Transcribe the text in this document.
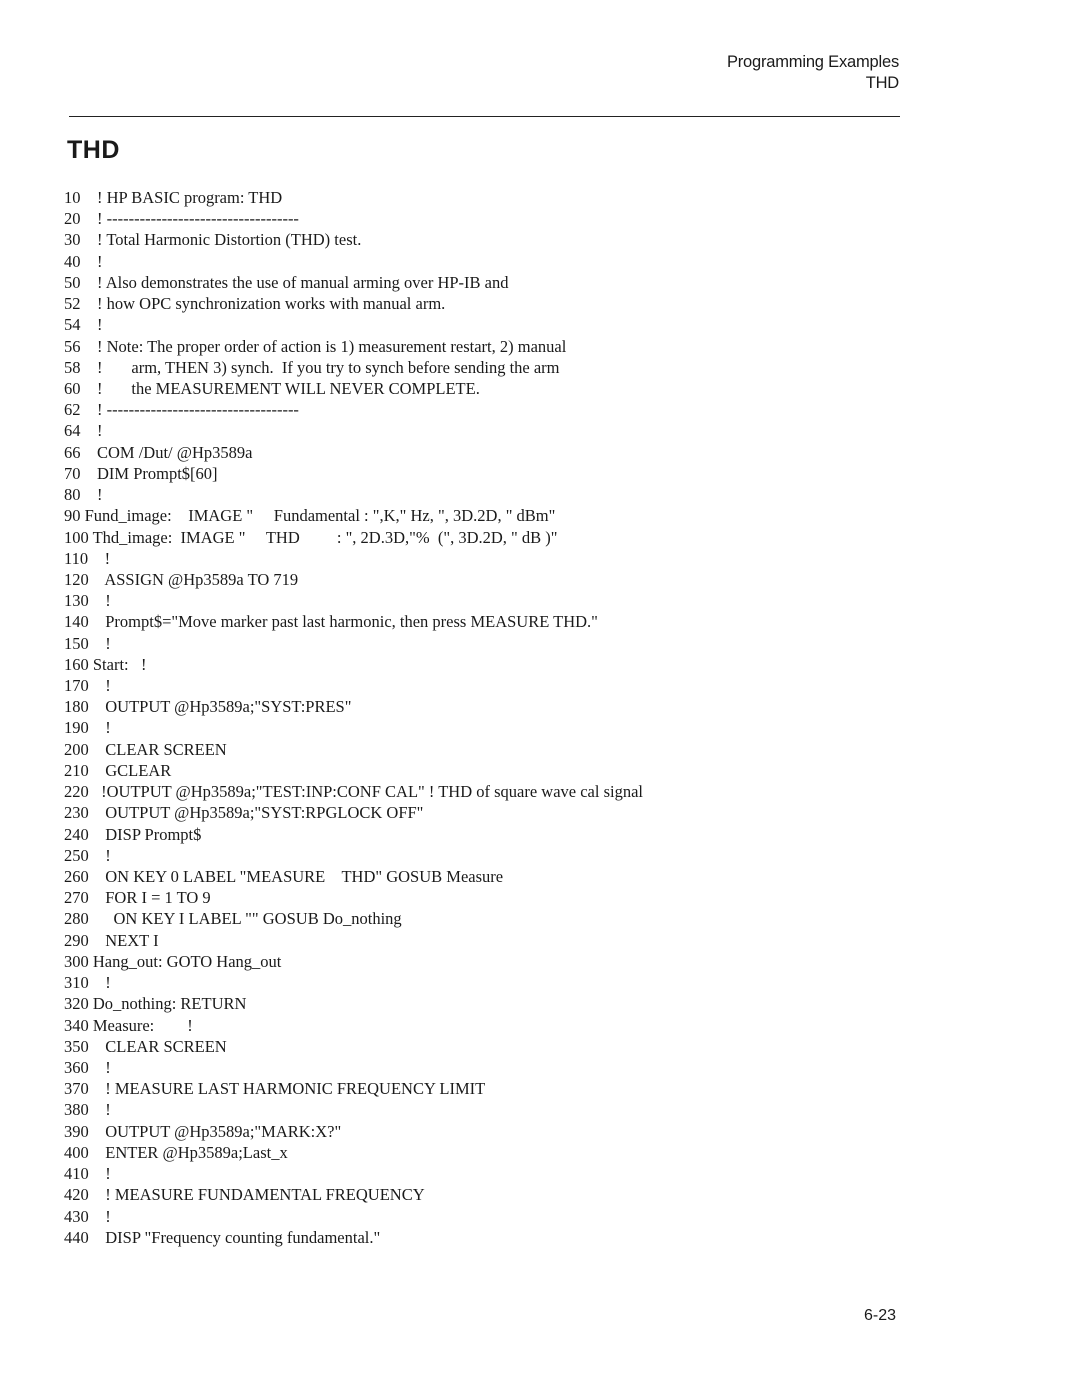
Programming Examples
THD
THD
10    ! HP BASIC program: THD
20    ! -----------------------------------
30    ! Total Harmonic Distortion (THD) test.
40    !
50    ! Also demonstrates the use of manual arming over HP-IB and
52    ! how OPC synchronization works with manual arm.
54    !
56    ! Note: The proper order of action is 1) measurement restart, 2) manual
58    !       arm, THEN 3) synch.  If you try to synch before sending the arm
60    !       the MEASUREMENT WILL NEVER COMPLETE.
62    ! -----------------------------------
64    !
66    COM /Dut/ @Hp3589a
70    DIM Prompt$[60]
80    !
90 Fund_image:    IMAGE "     Fundamental : ",K," Hz, ", 3D.2D, " dBm"
100 Thd_image:  IMAGE "     THD         : ", 2D.3D,"%  (", 3D.2D, " dB )"
110    !
120    ASSIGN @Hp3589a TO 719
130    !
140    Prompt$="Move marker past last harmonic, then press MEASURE THD."
150    !
160 Start:   !
170    !
180    OUTPUT @Hp3589a;"SYST:PRES"
190    !
200    CLEAR SCREEN
210    GCLEAR
220   !OUTPUT @Hp3589a;"TEST:INP:CONF CAL" ! THD of square wave cal signal
230    OUTPUT @Hp3589a;"SYST:RPGLOCK OFF"
240    DISP Prompt$
250    !
260    ON KEY 0 LABEL "MEASURE    THD" GOSUB Measure
270    FOR I = 1 TO 9
280      ON KEY I LABEL "" GOSUB Do_nothing
290    NEXT I
300 Hang_out: GOTO Hang_out
310    !
320 Do_nothing: RETURN
340 Measure:        !
350    CLEAR SCREEN
360    !
370    ! MEASURE LAST HARMONIC FREQUENCY LIMIT
380    !
390    OUTPUT @Hp3589a;"MARK:X?"
400    ENTER @Hp3589a;Last_x
410    !
420    ! MEASURE FUNDAMENTAL FREQUENCY
430    !
440    DISP "Frequency counting fundamental."
6-23
